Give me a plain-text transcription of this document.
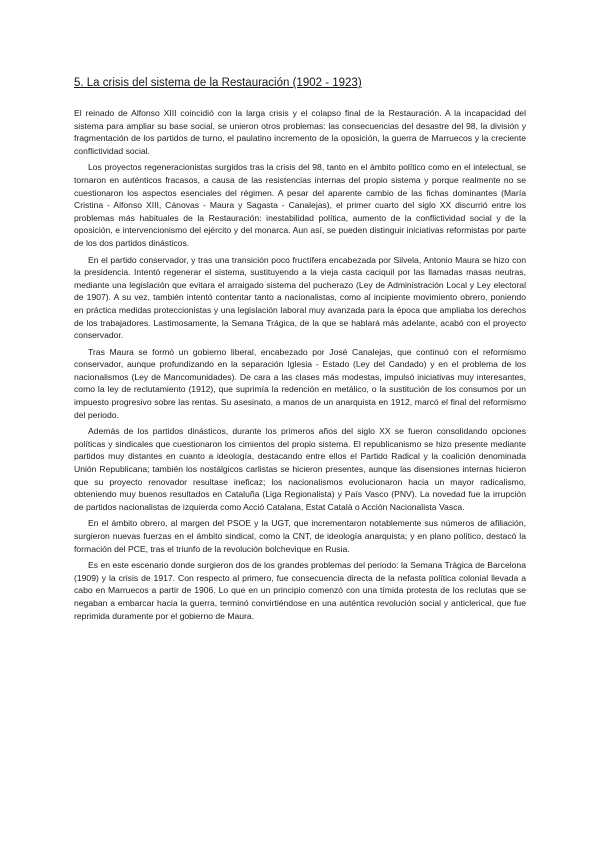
5. La crisis del sistema de la Restauración (1902 - 1923)

El reinado de Alfonso XIII coincidió con la larga crisis y el colapso final de la Restauración. A la incapacidad del sistema para ampliar su base social, se unieron otros problemas: las consecuencias del desastre del 98, la división y fragmentación de los partidos de turno, el paulatino incremento de la oposición, la guerra de Marruecos y la creciente conflictividad social.

Los proyectos regeneracionistas surgidos tras la crisis del 98, tanto en el ámbito político como en el intelectual, se tornaron en auténticos fracasos, a causa de las resistencias internas del propio sistema y porque realmente no se cuestionaron los aspectos esenciales del régimen. A pesar del aparente cambio de las fichas dominantes (María Cristina - Alfonso XIII, Cánovas - Maura y Sagasta - Canalejas), el primer cuarto del siglo XX discurrió entre los problemas más habituales de la Restauración: inestabilidad política, aumento de la conflictividad social y de la oposición, e intervencionismo del ejército y del monarca. Aun así, se pueden distinguir iniciativas reformistas por parte de los dos partidos dinásticos.

En el partido conservador, y tras una transición poco fructífera encabezada por Silvela, Antonio Maura se hizo con la presidencia. Intentó regenerar el sistema, sustituyendo a la vieja casta caciquil por las llamadas masas neutras, mediante una legislación que evitara el arraigado sistema del pucherazo (Ley de Administración Local y Ley electoral de 1907). A su vez, también intentó contentar tanto a nacionalistas, como al incipiente movimiento obrero, poniendo en práctica medidas proteccionistas y una legislación laboral muy avanzada para la época que ampliaba los derechos de los trabajadores. Lastimosamente, la Semana Trágica, de la que se hablará más adelante, acabó con el proyecto conservador.

Tras Maura se formó un gobierno liberal, encabezado por José Canalejas, que continuó con el reformismo conservador, aunque profundizando en la separación Iglesia - Estado (Ley del Candado) y en el problema de los nacionalismos (Ley de Mancomunidades). De cara a las clases más modestas, impulsó iniciativas muy interesantes, como la ley de reclutamiento (1912), que suprimía la redención en metálico, o la sustitución de los consumos por un impuesto progresivo sobre las rentas. Su asesinato, a manos de un anarquista en 1912, marcó el final del reformismo del periodo.

Además de los partidos dinásticos, durante los primeros años del siglo XX se fueron consolidando opciones políticas y sindicales que cuestionaron los cimientos del propio sistema. El republicanismo se hizo presente mediante partidos muy distantes en cuanto a ideología, destacando entre ellos el Partido Radical y la coalición denominada Unión Republicana; también los nostálgicos carlistas se hicieron presentes, aunque las disensiones internas hicieron que su proyecto renovador resultase ineficaz; los nacionalismos evolucionaron hacia un mayor radicalismo, obteniendo muy buenos resultados en Cataluña (Liga Regionalista) y País Vasco (PNV). La novedad fue la irrupción de partidos nacionalistas de izquierda como Acció Catalana, Estat Català o Acción Nacionalista Vasca.

En el ámbito obrero, al margen del PSOE y la UGT, que incrementaron notablemente sus números de afiliación, surgieron nuevas fuerzas en el ámbito sindical, como la CNT, de ideología anarquista; y en plano político, destacó la formación del PCE, tras el triunfo de la revolución bolchevique en Rusia.

Es en este escenario donde surgieron dos de los grandes problemas del periodo: la Semana Trágica de Barcelona (1909) y la crisis de 1917. Con respecto al primero, fue consecuencia directa de la nefasta política colonial llevada a cabo en Marruecos a partir de 1906. Lo que en un principio comenzó con una tímida protesta de los reclutas que se negaban a embarcar hacia la guerra, terminó convirtiéndose en una auténtica revolución social y anticlerical, que fue reprimida duramente por el gobierno de Maura.
